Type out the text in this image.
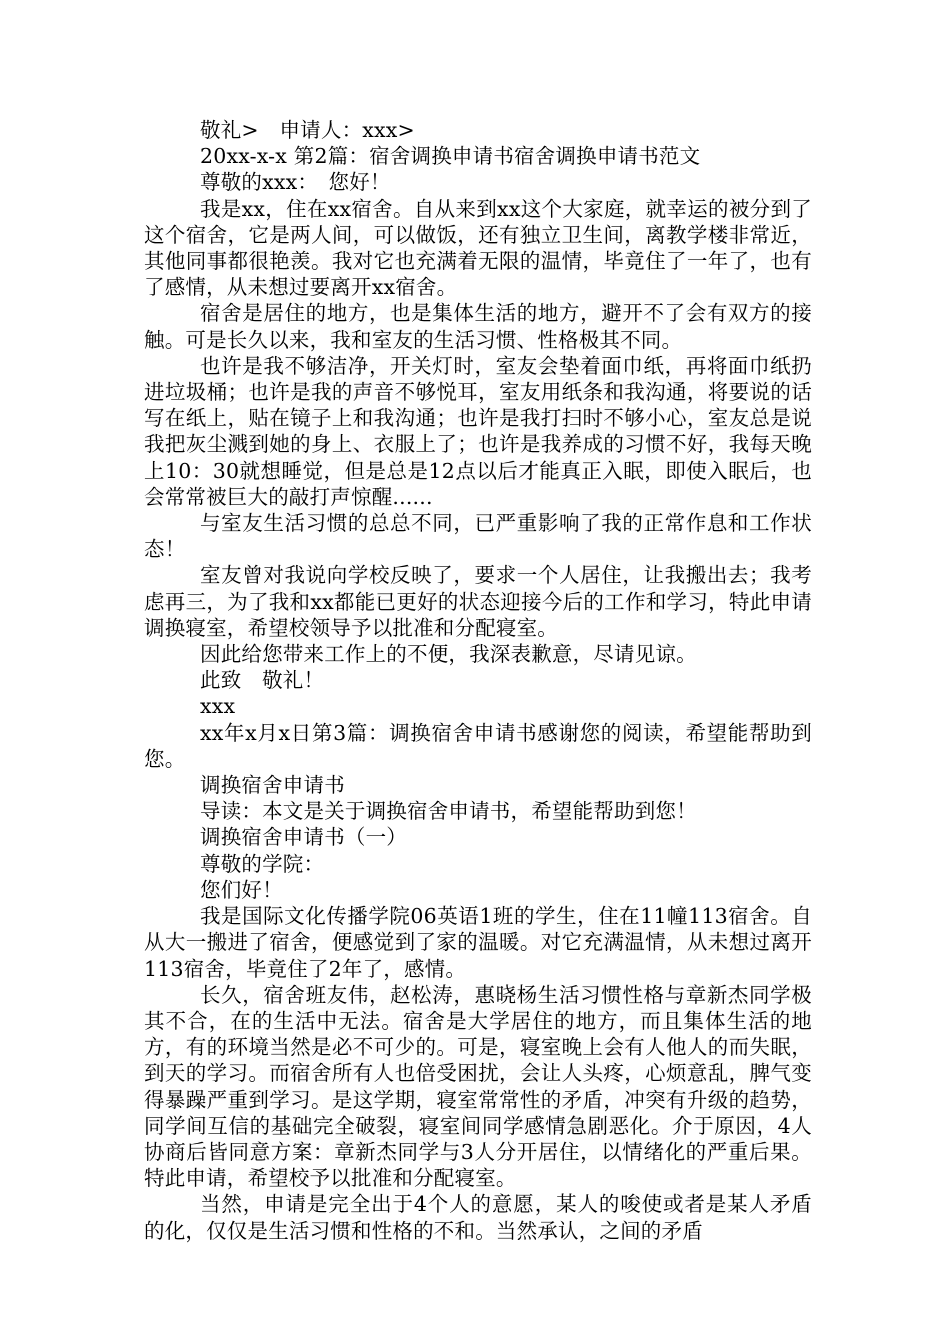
敬礼>　申请人：xxx>

20xx-x-x 第2篇：宿舍调换申请书宿舍调换申请书范文

尊敬的xxx：　您好！

我是xx，住在xx宿舍。自从来到xx这个大家庭，就幸运的被分到了这个宿舍，它是两人间，可以做饭，还有独立卫生间，离教学楼非常近，其他同事都很艳羡。我对它也充满着无限的温情，毕竟住了一年了，也有了感情，从未想过要离开xx宿舍。

宿舍是居住的地方，也是集体生活的地方，避开不了会有双方的接触。可是长久以来，我和室友的生活习惯、性格极其不同。

也许是我不够洁净，开关灯时，室友会垫着面巾纸，再将面巾纸扔进垃圾桶；也许是我的声音不够悦耳，室友用纸条和我沟通，将要说的话写在纸上，贴在镜子上和我沟通；也许是我打扫时不够小心，室友总是说我把灰尘溅到她的身上、衣服上了；也许是我养成的习惯不好，我每天晚上10：30就想睡觉，但是总是12点以后才能真正入眠，即使入眠后，也会常常被巨大的敲打声惊醒......

与室友生活习惯的总总不同，已严重影响了我的正常作息和工作状态！

室友曾对我说向学校反映了，要求一个人居住，让我搬出去；我考虑再三，为了我和xx都能已更好的状态迎接今后的工作和学习，特此申请调换寝室，希望校领导予以批准和分配寝室。

因此给您带来工作上的不便，我深表歉意，尽请见谅。

此致　敬礼！

xxx

xx年x月x日第3篇：调换宿舍申请书感谢您的阅读，希望能帮助到您。

调换宿舍申请书

导读：本文是关于调换宿舍申请书，希望能帮助到您！

调换宿舍申请书（一）

尊敬的学院：

您们好！

我是国际文化传播学院06英语1班的学生，住在11幢113宿舍。自从大一搬进了宿舍，便感觉到了家的温暖。对它充满温情，从未想过离开113宿舍，毕竟住了2年了，感情。

长久，宿舍班友伟，赵松涛，惠晓杨生活习惯性格与章新杰同学极其不合，在的生活中无法。宿舍是大学居住的地方，而且集体生活的地方，有的环境当然是必不可少的。可是，寝室晚上会有人他人的而失眠，到天的学习。而宿舍所有人也倍受困扰，会让人头疼，心烦意乱，脾气变得暴躁严重到学习。是这学期，寝室常常性的矛盾，冲突有升级的趋势，同学间互信的基础完全破裂，寝室间同学感情急剧恶化。介于原因，4人协商后皆同意方案：章新杰同学与3人分开居住，以情绪化的严重后果。特此申请，希望校予以批准和分配寝室。

当然，申请是完全出于4个人的意愿，某人的唆使或者是某人矛盾的化，仅仅是生活习惯和性格的不和。当然承认，之间的矛盾
